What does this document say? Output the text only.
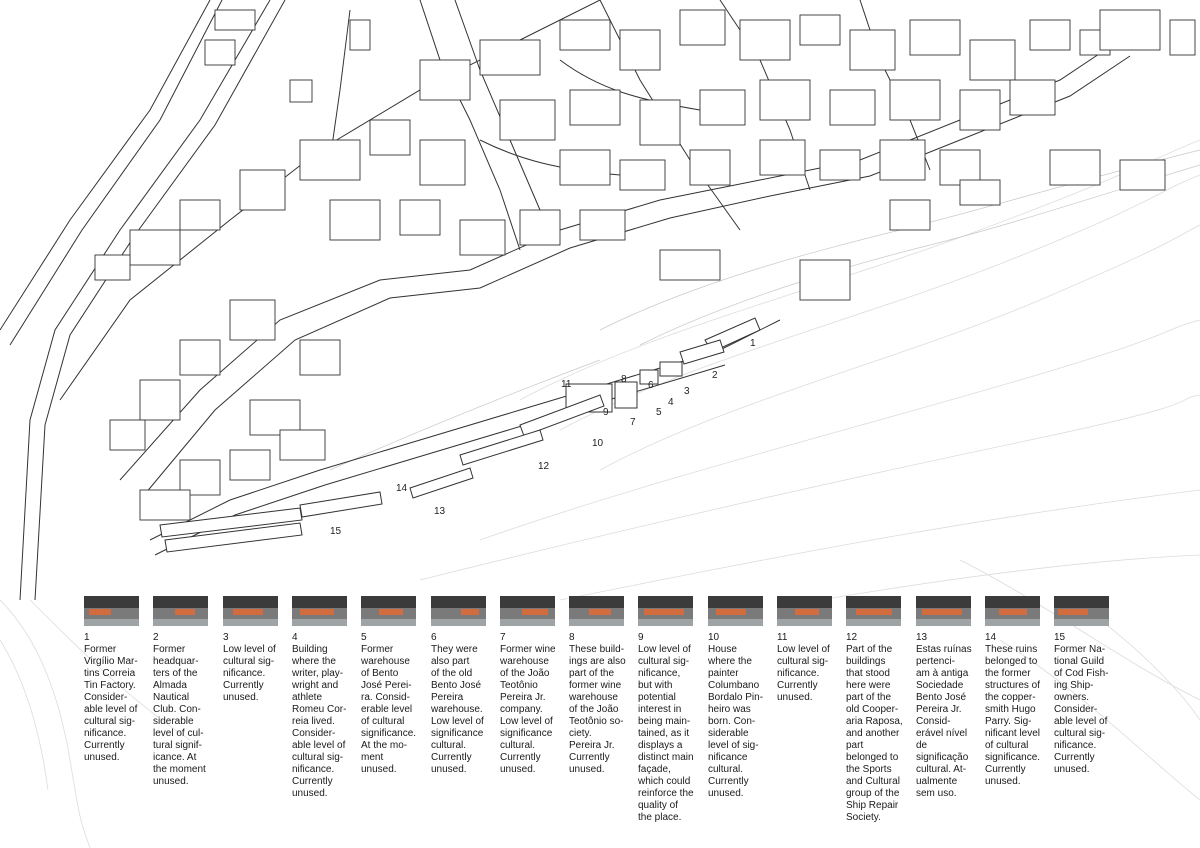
1
2
3
4
5
6
7
8
9
10
11
12
13
14
15
1
Former
Virgílio Mar-
tins Correia
Tin Factory.
Consider-
able level of
cultural sig-
nificance.
Currently
unused.
2
Former
headquar-
ters of the
Almada
Nautical
Club. Con-
siderable
level of cul-
tural signif-
icance. At
the moment
unused.
3
Low level of
cultural sig-
nificance.
Currently
unused.
4
Building
where the
writer, play-
wright and
athlete
Romeu Cor-
reia lived.
Consider-
able level of
cultural sig-
nificance.
Currently
unused.
5
Former
warehouse
of Bento
José Perei-
ra. Consid-
erable level
of cultural
significance.
At the mo-
ment
unused.
6
They were
also part
of the old
Bento José
Pereira
warehouse.
Low level of
significance
cultural.
Currently
unused.
7
Former wine
warehouse
of the João
Teotônio
Pereira Jr.
company.
Low level of
significance
cultural.
Currently
unused.
8
These build-
ings are also
part of the
former wine
warehouse
of the João
Teotônio so-
ciety.
Pereira Jr.
Currently
unused.
9
Low level of
cultural sig-
nificance,
but with
potential
interest in
being main-
tained, as it
displays a
distinct main
façade,
which could
reinforce the
quality of
the place.
10
House
where the
painter
Columbano
Bordalo Pin-
heiro was
born. Con-
siderable
level of sig-
nificance
cultural.
Currently
unused.
11
Low level of
cultural sig-
nificance.
Currently
unused.
12
Part of the
buildings
that stood
here were
part of the
old Cooper-
aria Raposa,
and another
part
belonged to
the Sports
and Cultural
group of the
Ship Repair
Society.
13
Estas ruínas
pertenci-
am à antiga
Sociedade
Bento José
Pereira Jr.
Consid-
erável nível
de
significação
cultural. At-
ualmente
sem uso.
14
These ruins
belonged to
the former
structures of
the copper-
smith Hugo
Parry. Sig-
nificant level
of cultural
significance.
Currently
unused.
15
Former Na-
tional Guild
of Cod Fish-
ing Ship-
owners.
Consider-
able level of
cultural sig-
nificance.
Currently
unused.
